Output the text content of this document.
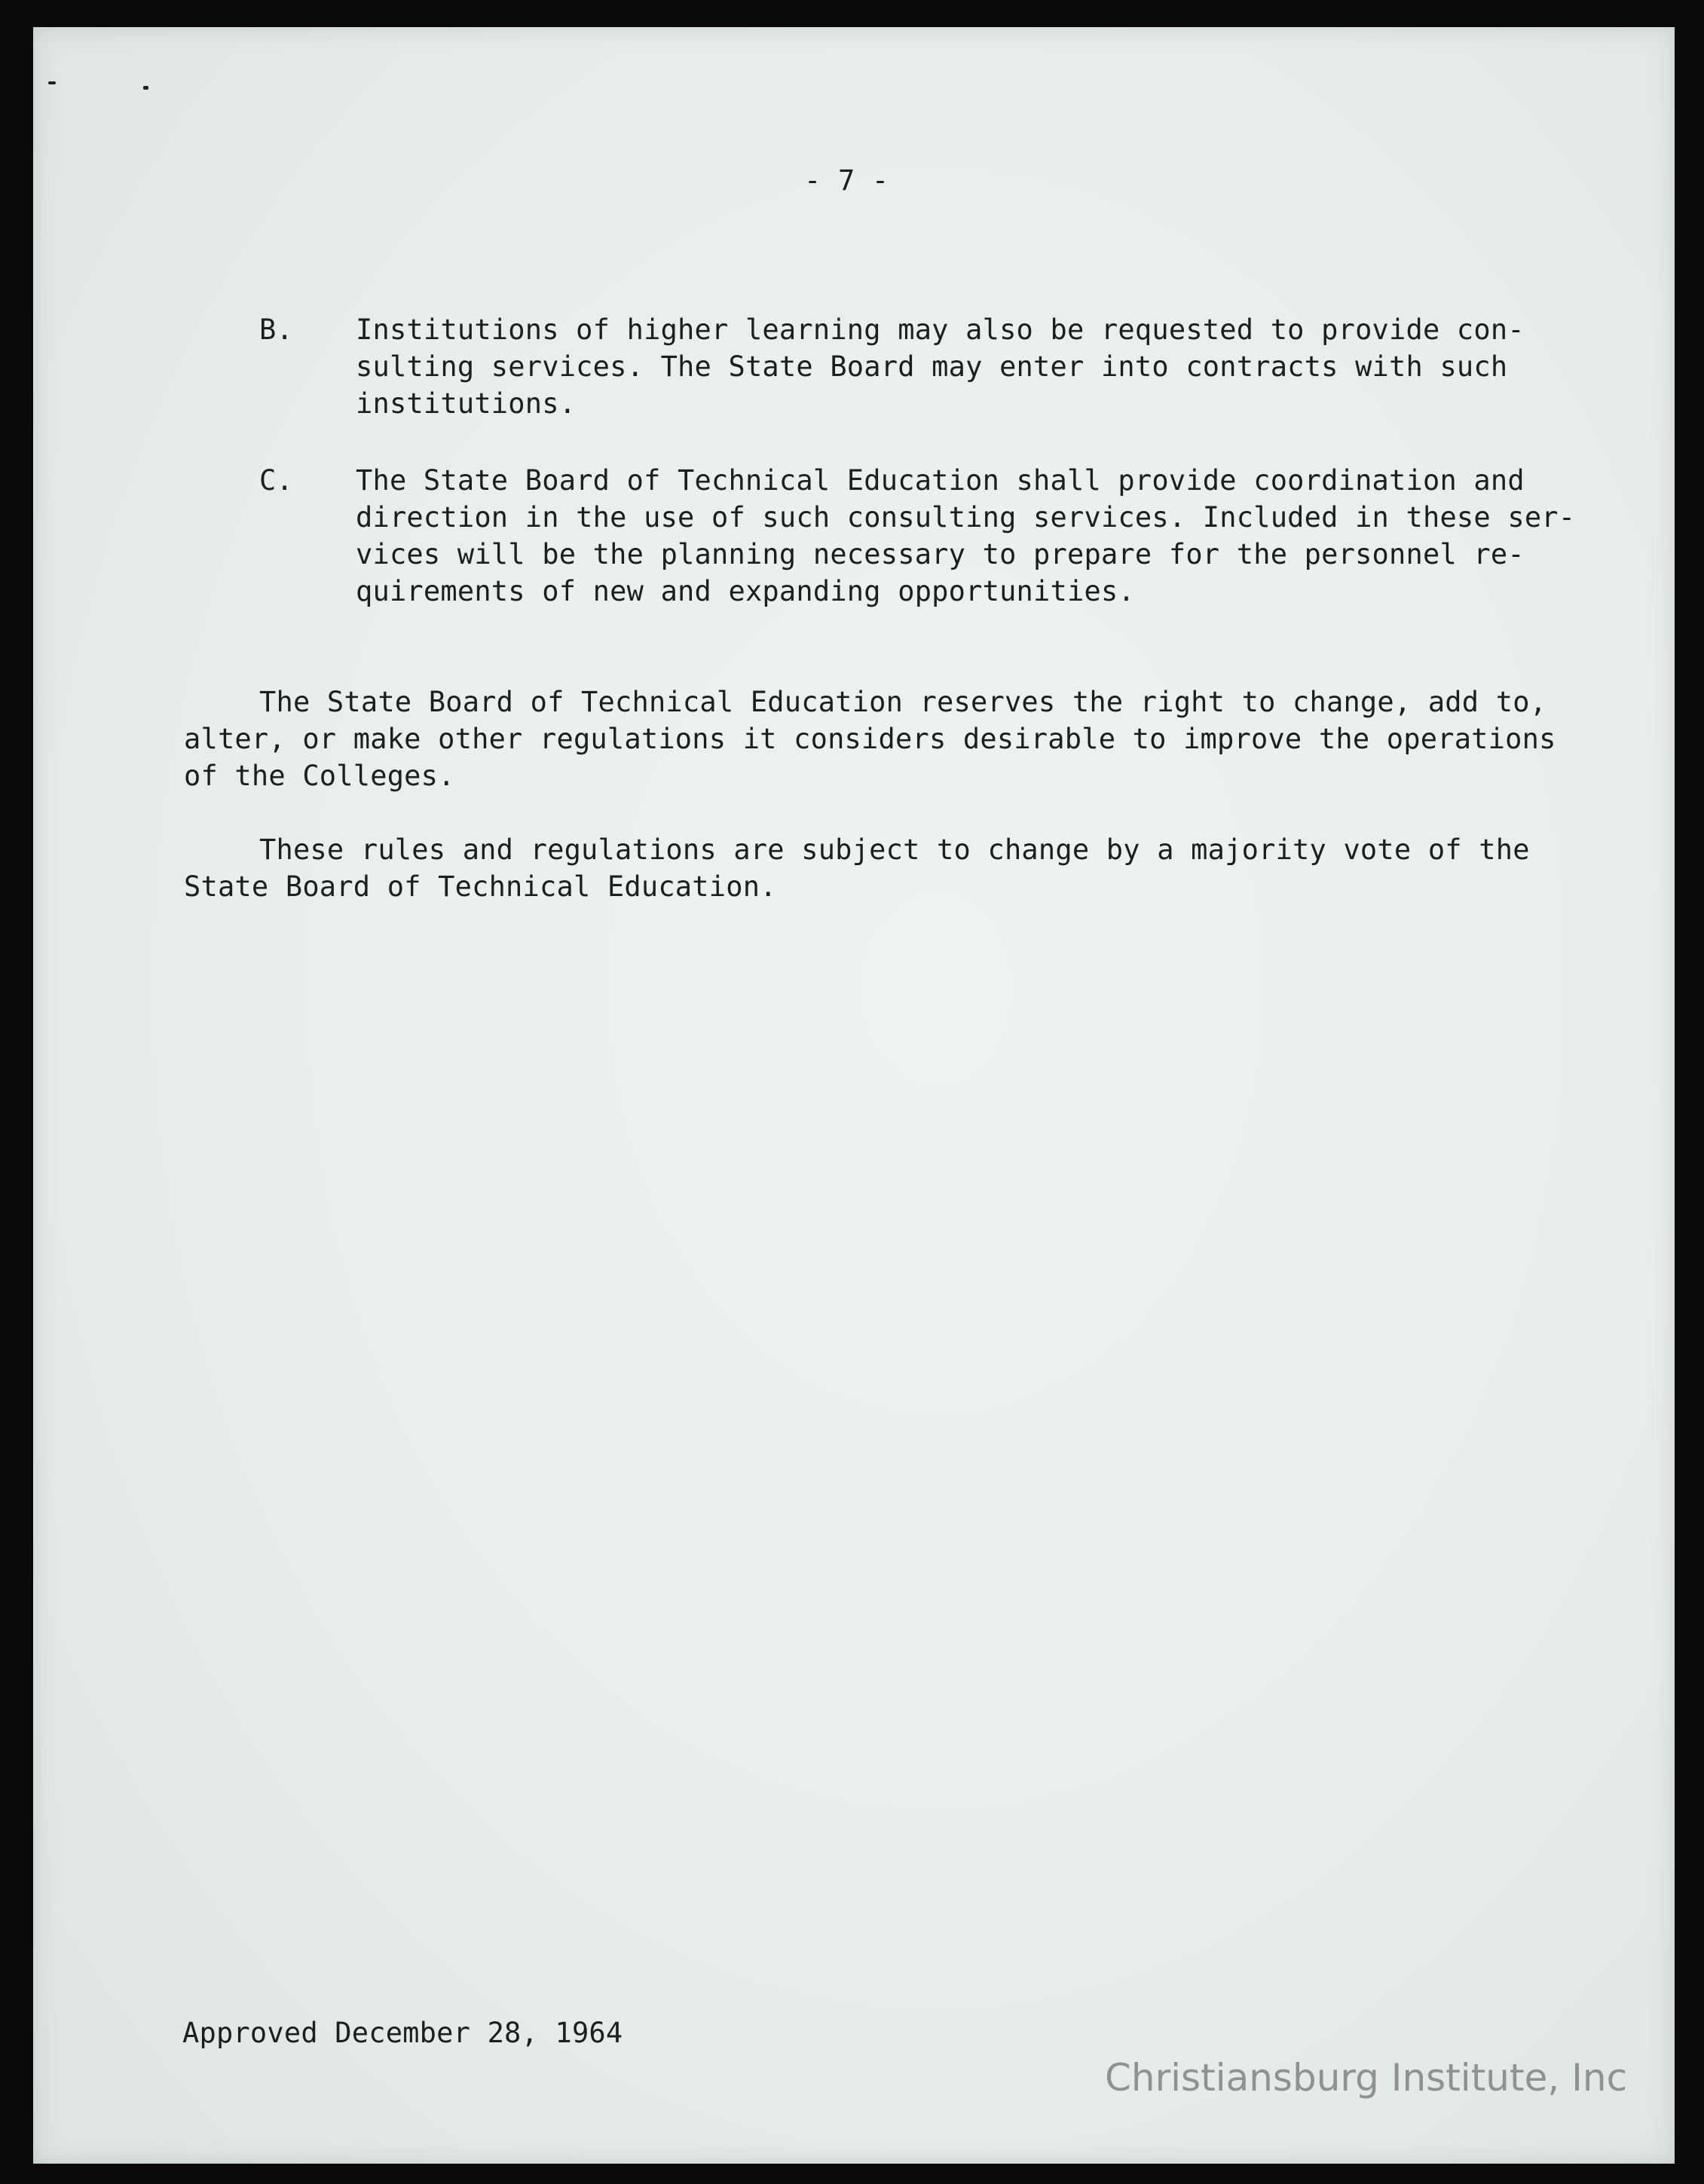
- 7 -

B. Institutions of higher learning may also be requested to provide con-

sulting services. The State Board may enter into contracts with such

institutions.

C. The State Board of Technical Education shall provide coordination and

direction in the use of such consulting services. Included in these ser-

vices will be the planning necessary to prepare for the personnel re-

quirements of new and expanding opportunities.

The State Board of Technical Education reserves the right to change, add to,

alter, or make other regulations it considers desirable to improve the operations

of the Colleges.

These rules and regulations are subject to change by a majority vote of the

State Board of Technical Education.

Approved December 28, 1964

Christiansburg Institute, Inc
